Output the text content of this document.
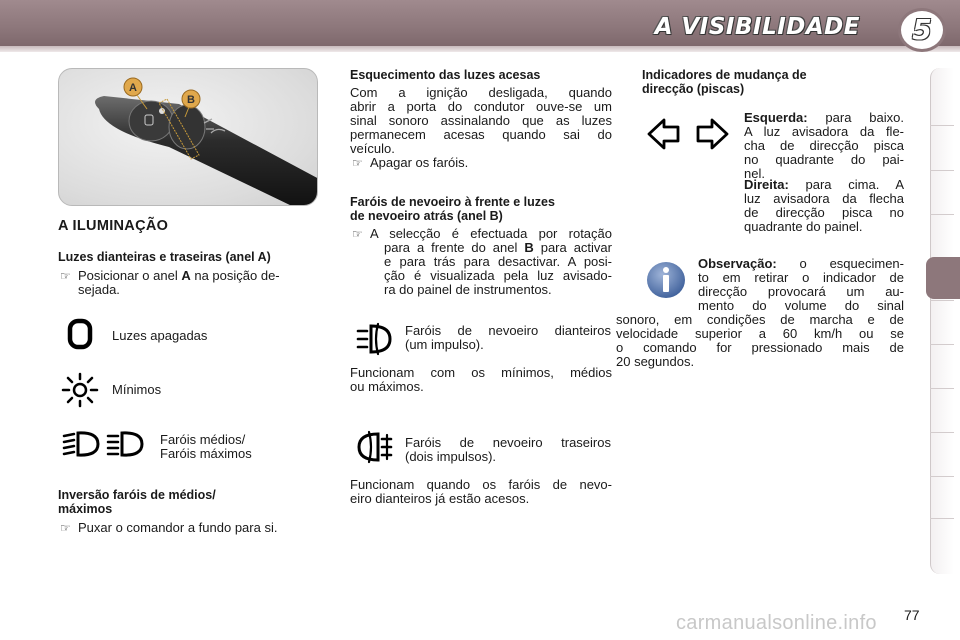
A VISIBILIDADE	5
A
B
A ILUMINAÇÃO
Luzes dianteiras e traseiras (anel A)
☞ Posicionar o anel A na posição de-
sejada.
Luzes apagadas
Mínimos
Faróis médios/
Faróis máximos
Inversão faróis de médios/
máximos
☞ Puxar o comandor a fundo para si.
Esquecimento das luzes acesas
Com a ignição desligada, quando
abrir a porta do condutor ouve-se um
sinal sonoro assinalando que as luzes
permanecem acesas quando sai do
veículo.
☞ Apagar os faróis.
Faróis de nevoeiro à frente e luzes
de nevoeiro atrás (anel B)
☞ A selecção é efectuada por rotação
para a frente do anel B para activar
e para trás para desactivar. A posi-
ção é visualizada pela luz avisado-
ra do painel de instrumentos.
Faróis de nevoeiro dianteiros
(um impulso).
Funcionam com os mínimos, médios
ou máximos.
Faróis de nevoeiro traseiros
(dois impulsos).
Funcionam quando os faróis de nevo-
eiro dianteiros já estão acesos.
Indicadores de mudança de
direcção (piscas)
Esquerda: para baixo.
A luz avisadora da fle-
cha de direcção pisca
no quadrante do pai-
nel.
Direita: para cima. A
luz avisadora da flecha
de direcção pisca no
quadrante do painel.
Observação: o esquecimen-
to em retirar o indicador de
direcção provocará um au-
mento do volume do sinal
sonoro, em condições de marcha e de
velocidade superior a 60 km/h ou se
o comando for pressionado mais de
20 segundos.
77
carmanualsonline.info
